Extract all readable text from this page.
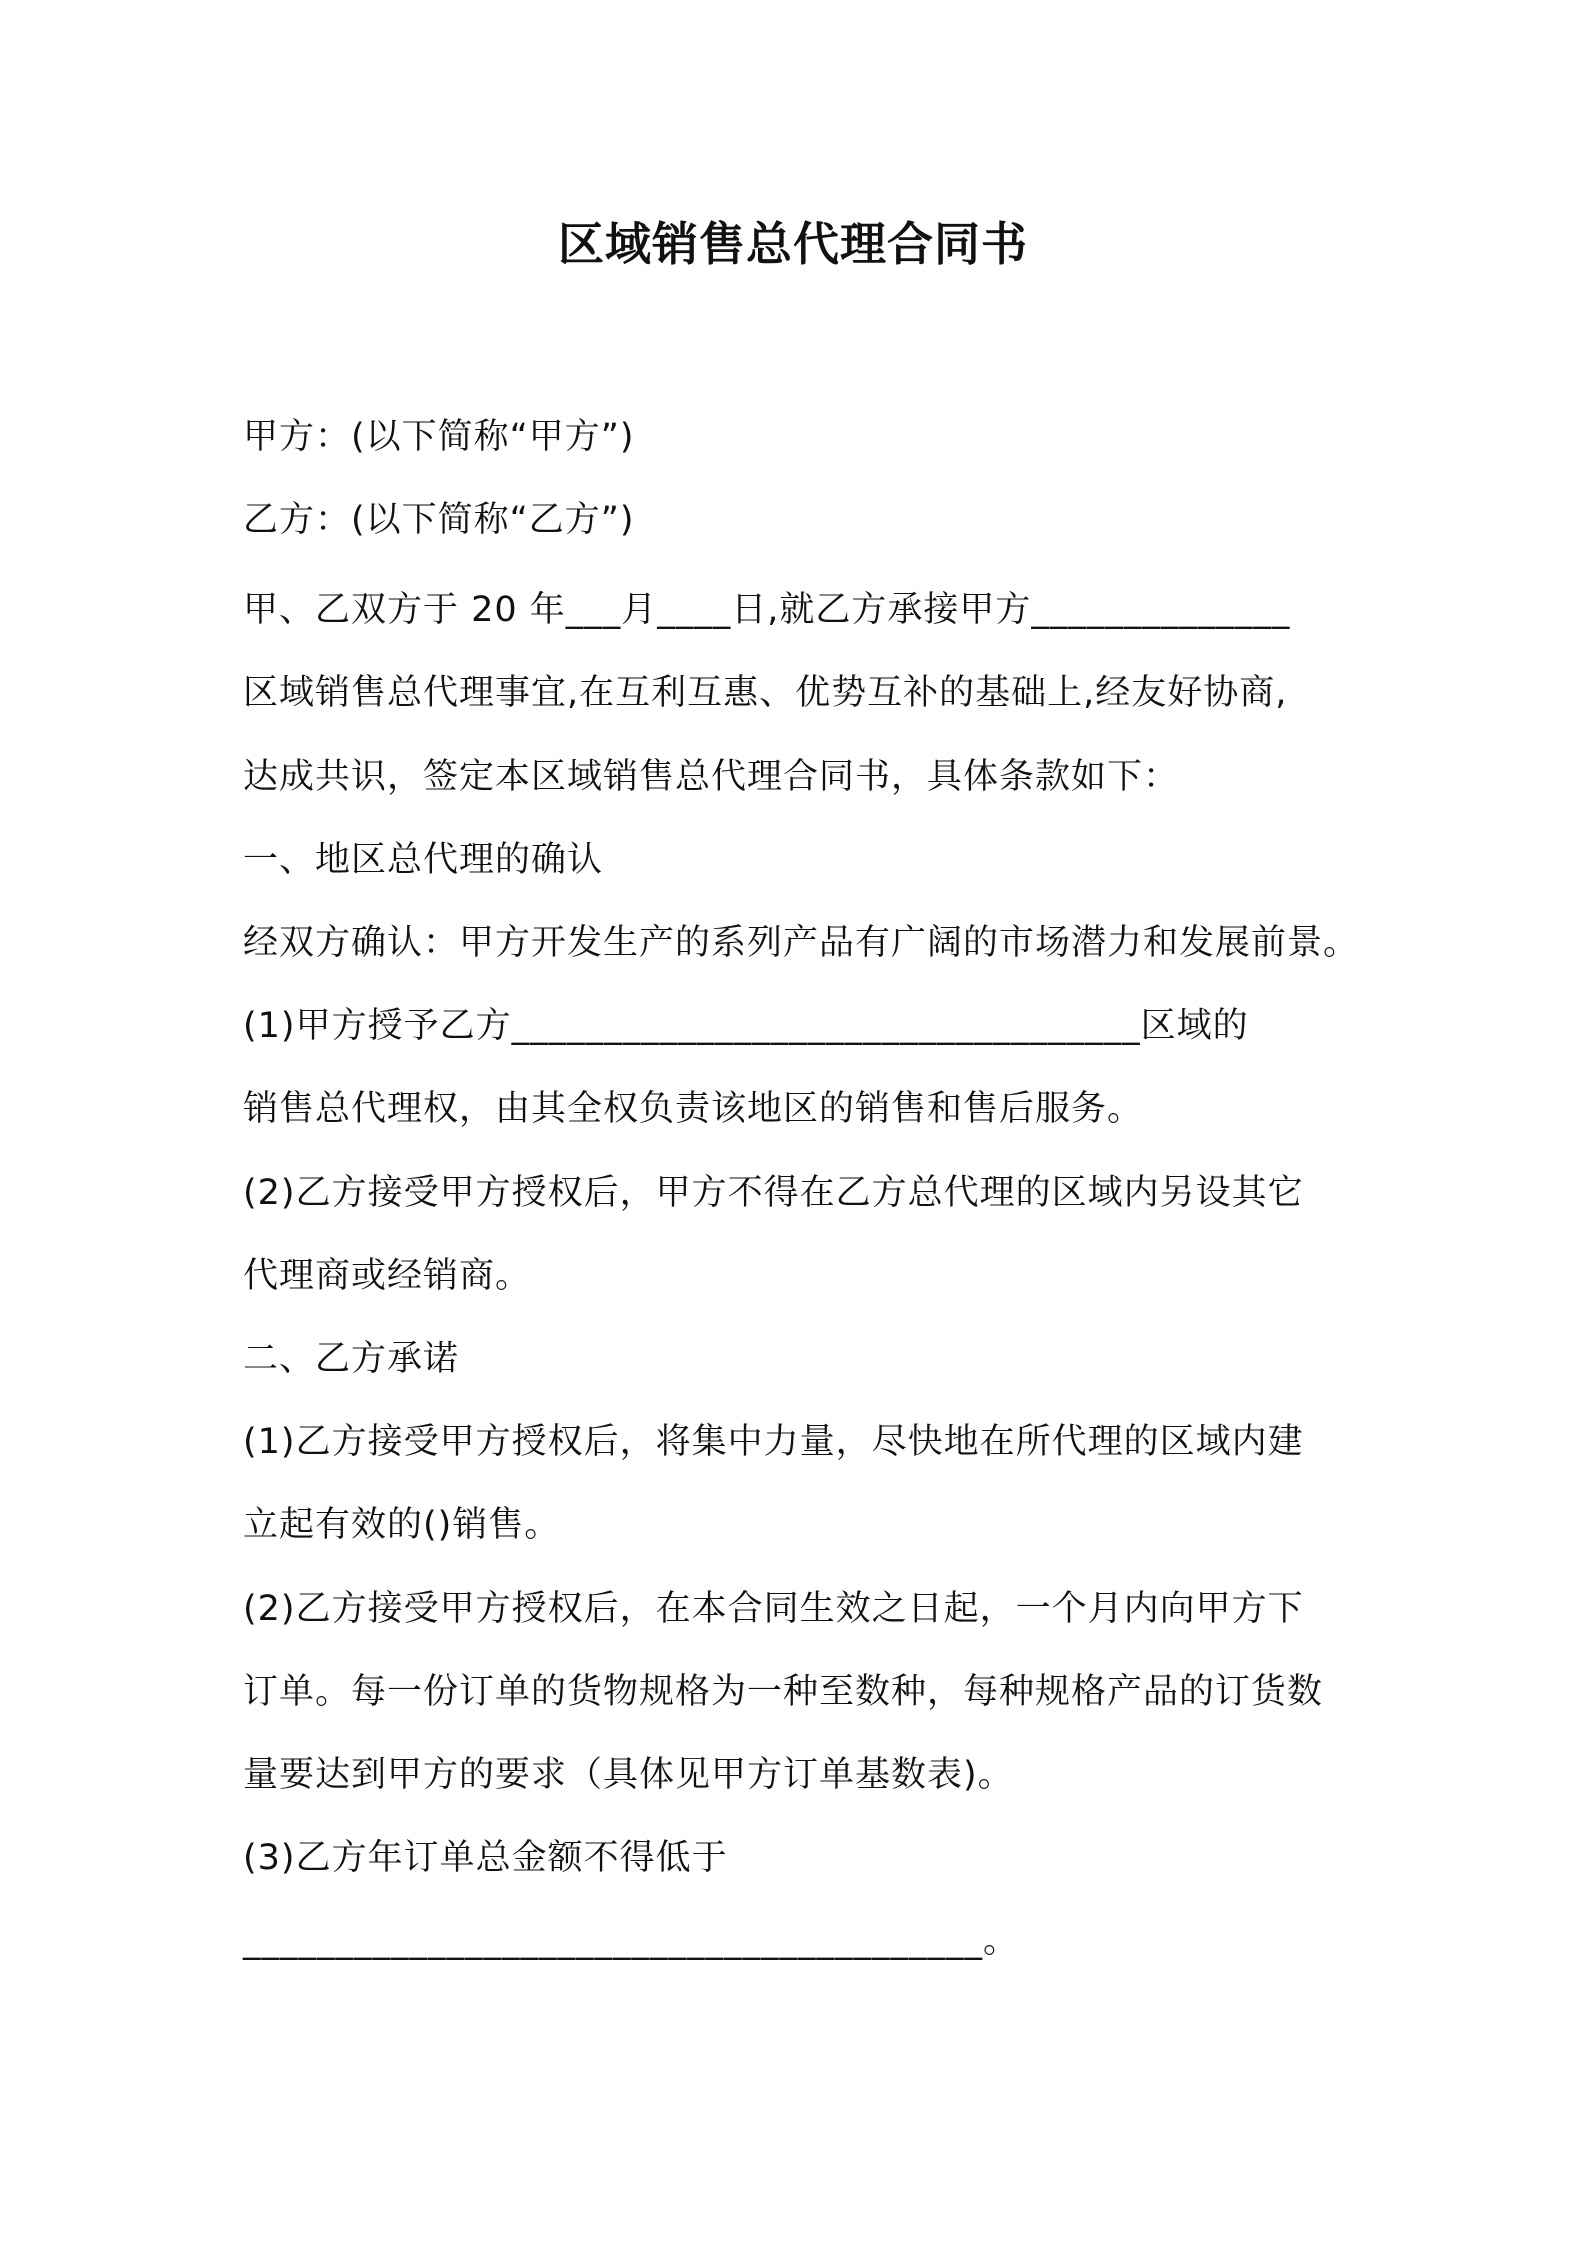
区域销售总代理合同书
甲方：(以下简称“甲方”)
乙方：(以下简称“乙方”)
甲、乙双方于 20 年___月____日,就乙方承接甲方______________
区域销售总代理事宜,在互利互惠、优势互补的基础上,经友好协商,
达成共识，签定本区域销售总代理合同书，具体条款如下：
一、地区总代理的确认
经双方确认：甲方开发生产的系列产品有广阔的市场潜力和发展前景。
(1)甲方授予乙方__________________________________区域的
销售总代理权，由其全权负责该地区的销售和售后服务。
(2)乙方接受甲方授权后，甲方不得在乙方总代理的区域内另设其它
代理商或经销商。
二、乙方承诺
(1)乙方接受甲方授权后，将集中力量，尽快地在所代理的区域内建
立起有效的()销售。
(2)乙方接受甲方授权后，在本合同生效之日起，一个月内向甲方下
订单。每一份订单的货物规格为一种至数种，每种规格产品的订货数
量要达到甲方的要求（具体见甲方订单基数表)。
(3)乙方年订单总金额不得低于
________________________________________。
